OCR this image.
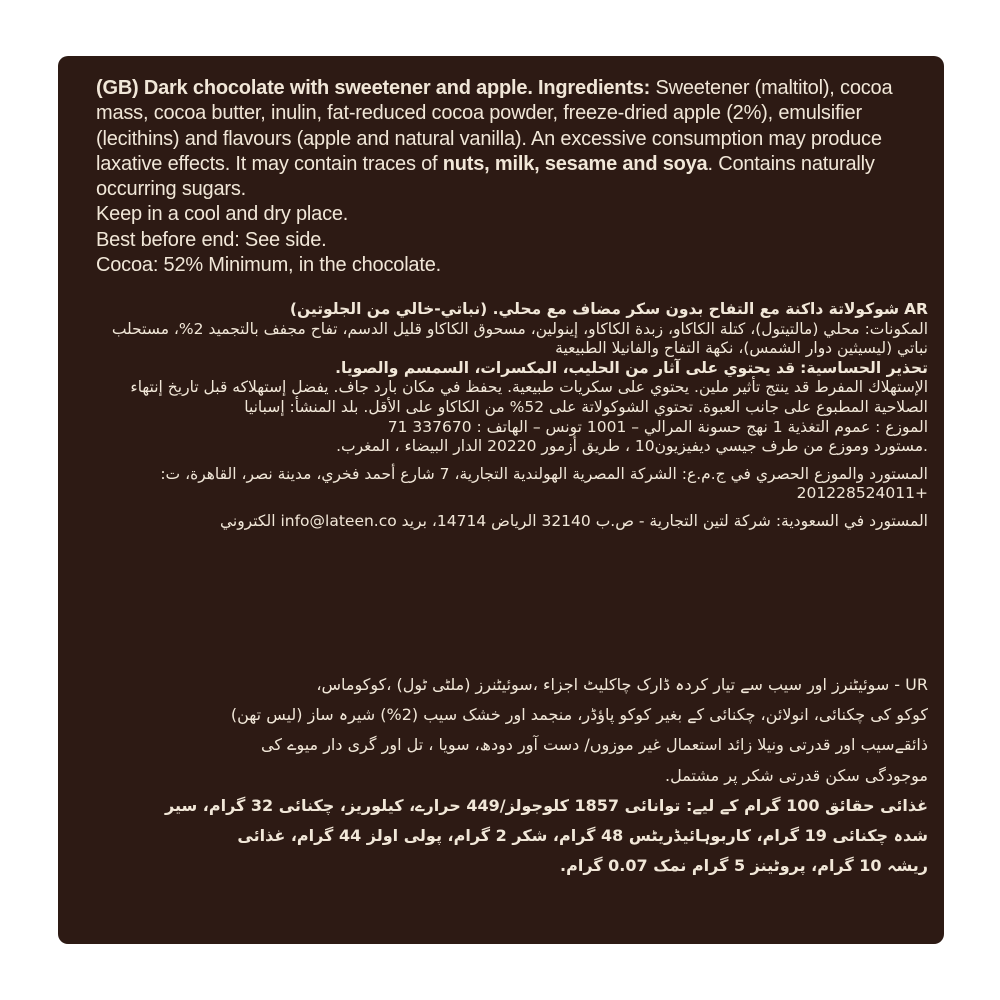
(GB) Dark chocolate with sweetener and apple. Ingredients: Sweetener (maltitol), cocoa mass, cocoa butter, inulin, fat-reduced cocoa powder, freeze-dried apple (2%), emulsifier (lecithins) and flavours (apple and natural vanilla). An excessive consumption may produce laxative effects. It may contain traces of nuts, milk, sesame and soya. Contains naturally occurring sugars.

Keep in a cool and dry place.

Best before end: See side.

Cocoa: 52% Minimum, in the chocolate.

AR شوكولاتة داكنة مع التفاح بدون سكر مضاف مع محلي. (نباتي-خالي من الجلوتين)

المكونات: محلي (مالتيتول)، كتلة الكاكاو، زبدة الكاكاو، إينولين، مسحوق الكاكاو قليل الدسم، تفاح مجفف بالتجميد 2%، مستحلب نباتي (ليسيثين دوار الشمس)، نكهة التفاح والفانيلا الطبيعية

تحذير الحساسية: قد يحتوي على آثار من الحليب، المكسرات، السمسم والصويا.

الإستهلاك المفرط قد ينتج تأثير ملين. يحتوي على سكريات طبيعية. يحفظ في مكان بارد جاف. يفضل إستهلاكه قبل تاريخ إنتهاء الصلاحية المطبوع على جانب العبوة. تحتوي الشوكولاتة على 52% من الكاكاو على الأقل. بلد المنشأ: إسبانيا

الموزع : عموم التغذية 1 نهج حسونة المرالي – 1001 تونس – الهاتف : 337670 71

.مستورد وموزع من طرف جيسي ديفيزيون10 ، طريق أزمور 20220 الدار البيضاء ، المغرب.

المستورد والموزع الحصري في ج.م.ع: الشركة المصرية الهولندية التجارية، 7 شارع أحمد فخري، مدينة نصر، القاهرة، ت: +201228524011

المستورد في السعودية: شركة لتين التجارية - ص.ب 32140 الرياض 14714، بريد info@lateen.co الكتروني

UR - سوئیٹنرز اور سیب سے تیار کردہ ڈارک چاکلیٹ اجزاء ،سوئیٹنرز (ملٹی ٹول) ،کوکوماس،

کوکو کی چکنائی، انولائن، چکنائی کے بغیر کوکو پاؤڈر، منجمد اور خشک سیب (2%) شیرہ ساز (لیس تھن)

ذائقےسیب اور قدرتی ونیلا زائد استعمال غیر موزوں/ دست آور دودھ، سویا ، تل اور گری دار میوے کی

موجودگی سکن قدرتی شکر پر مشتمل.

غذائی حقائق 100 گرام کے لیے: توانائی 1857 کلوجولز/449 حرارے، کیلوریز، چکنائی 32 گرام، سیر

شدہ چکنائی 19 گرام، کاربوہائیڈریٹس 48 گرام، شکر 2 گرام، پولی اولز 44 گرام، غذائی

ریشہ 10 گرام، پروٹینز 5 گرام نمک 0.07 گرام.
